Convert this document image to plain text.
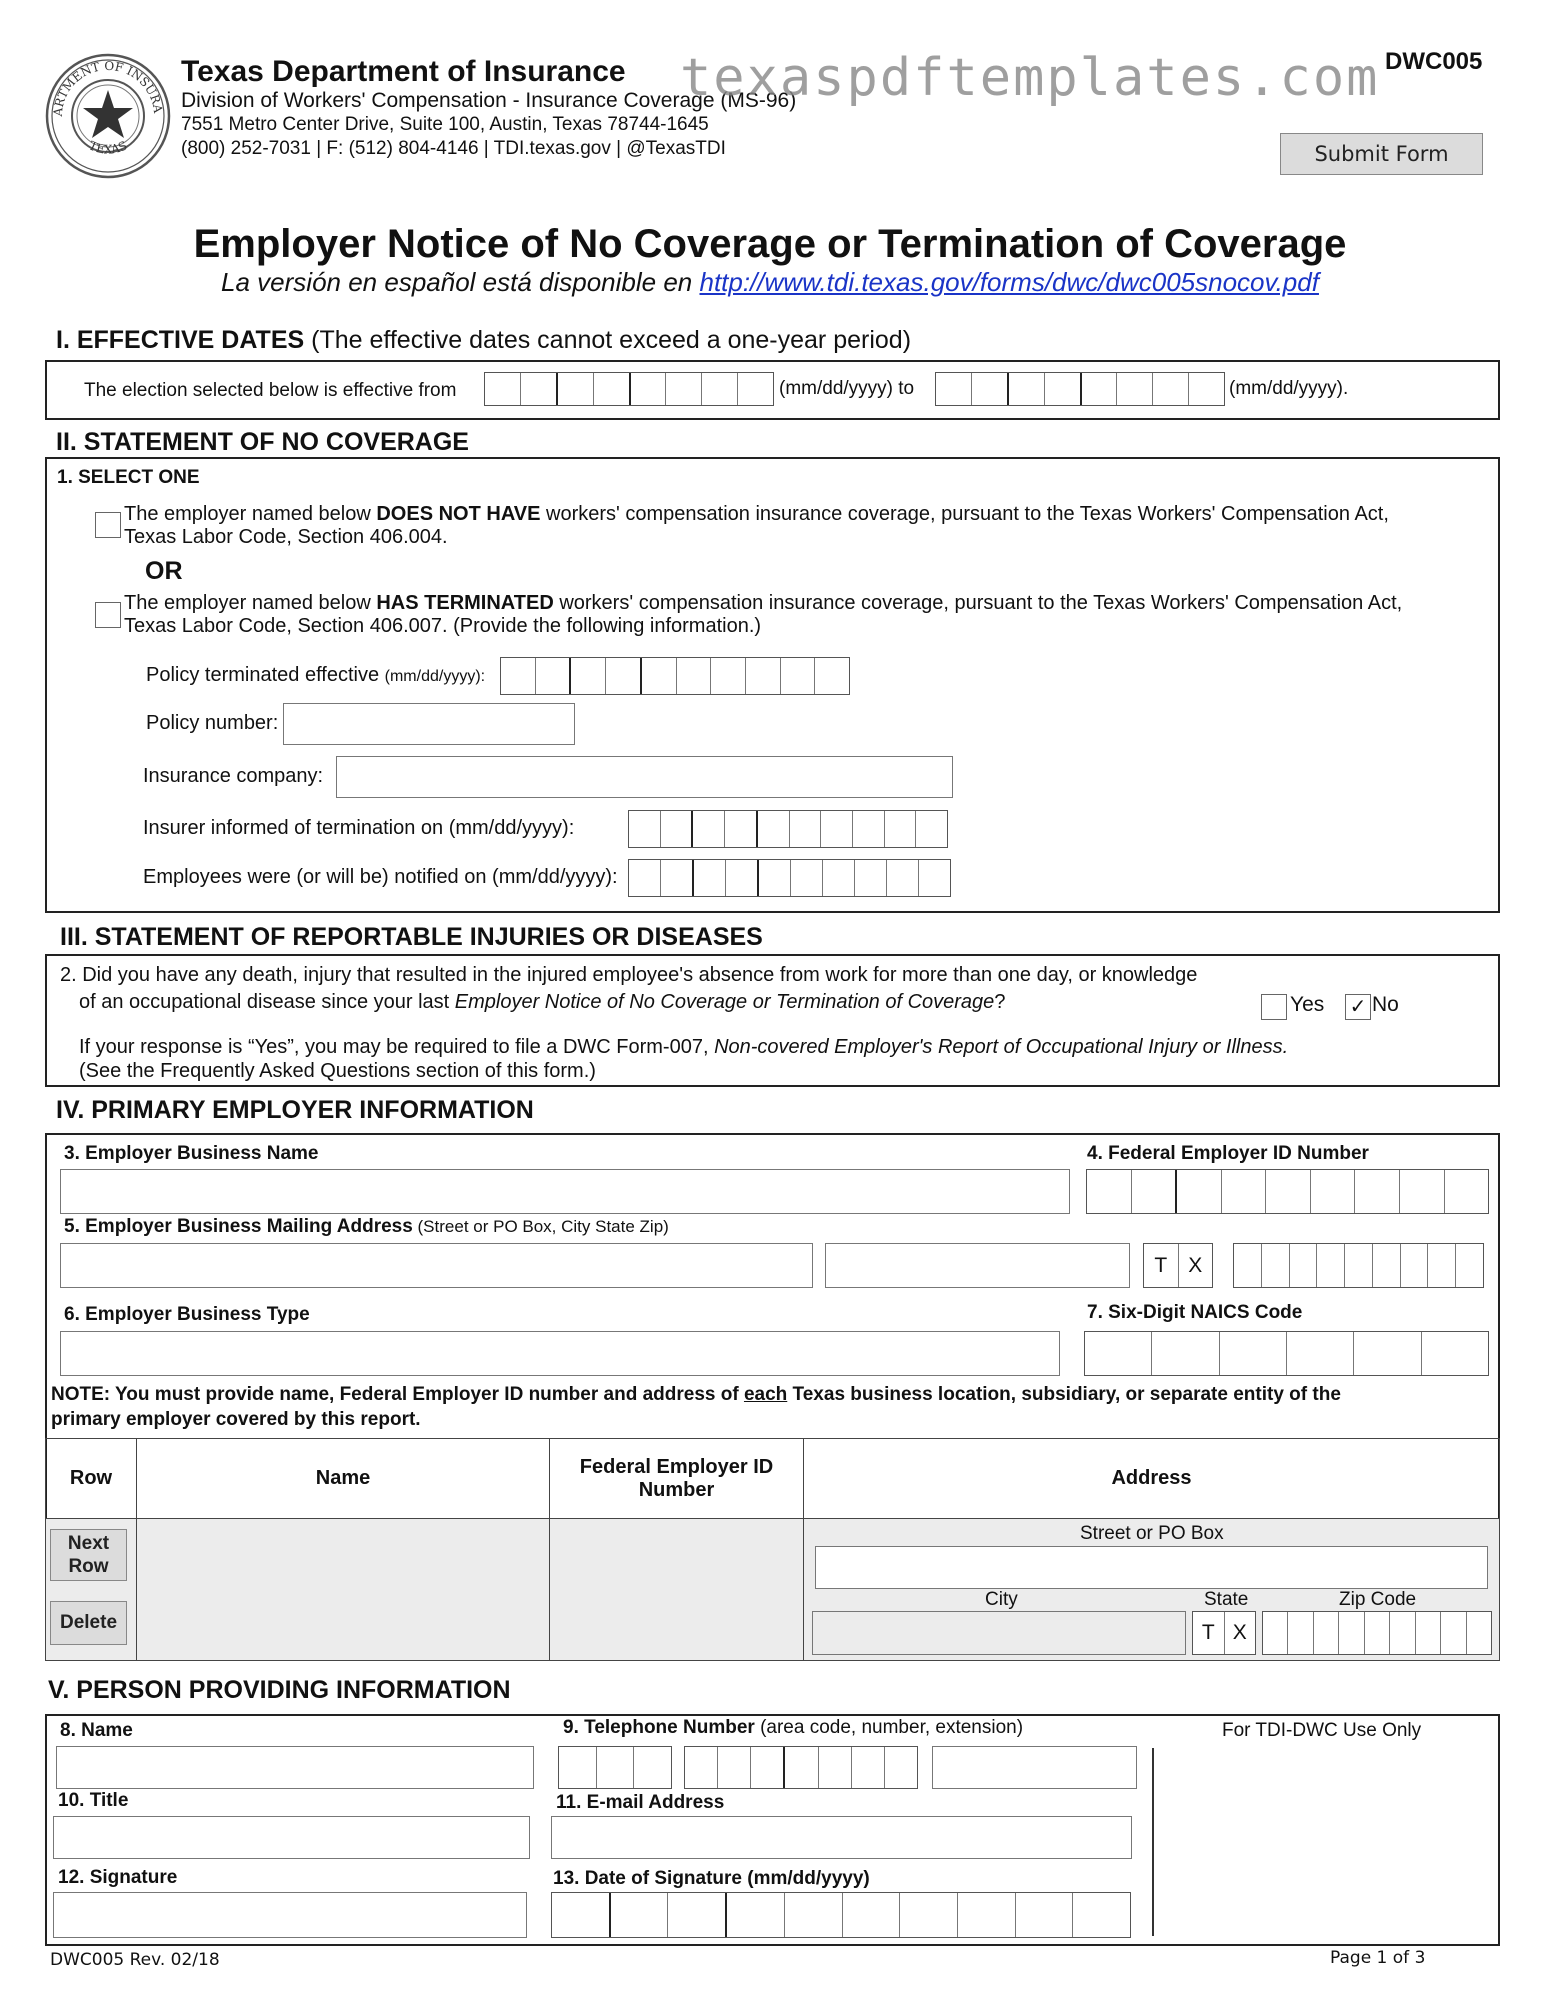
ARTMENT OF INSURA
TEXAS
Texas Department of Insurance
Division of Workers' Compensation - Insurance Coverage (MS-96)
7551 Metro Center Drive, Suite 100, Austin, Texas 78744-1645
(800) 252-7031 | F: (512) 804-4146 | TDI.texas.gov | @TexasTDI
texaspdftemplates.com DWC005
Submit Form
Employer Notice of No Coverage or Termination of Coverage
La versión en español está disponible en http://www.tdi.texas.gov/forms/dwc/dwc005snocov.pdf
I. EFFECTIVE DATES (The effective dates cannot exceed a one-year period)
The election selected below is effective from	(mm/dd/yyyy) to	(mm/dd/yyyy).
II. STATEMENT OF NO COVERAGE
1. SELECT ONE
The employer named below DOES NOT HAVE workers' compensation insurance coverage, pursuant to the Texas Workers' Compensation Act,
Texas Labor Code, Section 406.004.
OR
The employer named below HAS TERMINATED workers' compensation insurance coverage, pursuant to the Texas Workers' Compensation Act,
Texas Labor Code, Section 406.007. (Provide the following information.)
Policy terminated effective (mm/dd/yyyy):
Policy number:
Insurance company:
Insurer informed of termination on (mm/dd/yyyy):
Employees were (or will be) notified on (mm/dd/yyyy):
III. STATEMENT OF REPORTABLE INJURIES OR DISEASES
2. Did you have any death, injury that resulted in the injured employee's absence from work for more than one day, or knowledge
of an occupational disease since your last Employer Notice of No Coverage or Termination of Coverage?	Yes ✓ No
If your response is “Yes”, you may be required to file a DWC Form-007, Non-covered Employer's Report of Occupational Injury or Illness.
(See the Frequently Asked Questions section of this form.)
IV. PRIMARY EMPLOYER INFORMATION
3. Employer Business Name	4. Federal Employer ID Number
5. Employer Business Mailing Address (Street or PO Box, City State Zip)
T	X
6. Employer Business Type	7. Six-Digit NAICS Code
NOTE: You must provide name, Federal Employer ID number and address of each Texas business location, subsidiary, or separate entity of the
primary employer covered by this report.
Row	Name	Federal Employer ID Number	Address

Next Row
Delete
Street or PO Box
City	State	Zip Code
T X
V. PERSON PROVIDING INFORMATION
8. Name	9. Telephone Number (area code, number, extension)	For TDI-DWC Use Only
10. Title	11. E-mail Address
12. Signature	13. Date of Signature (mm/dd/yyyy)
DWC005 Rev. 02/18	Page 1 of 3
